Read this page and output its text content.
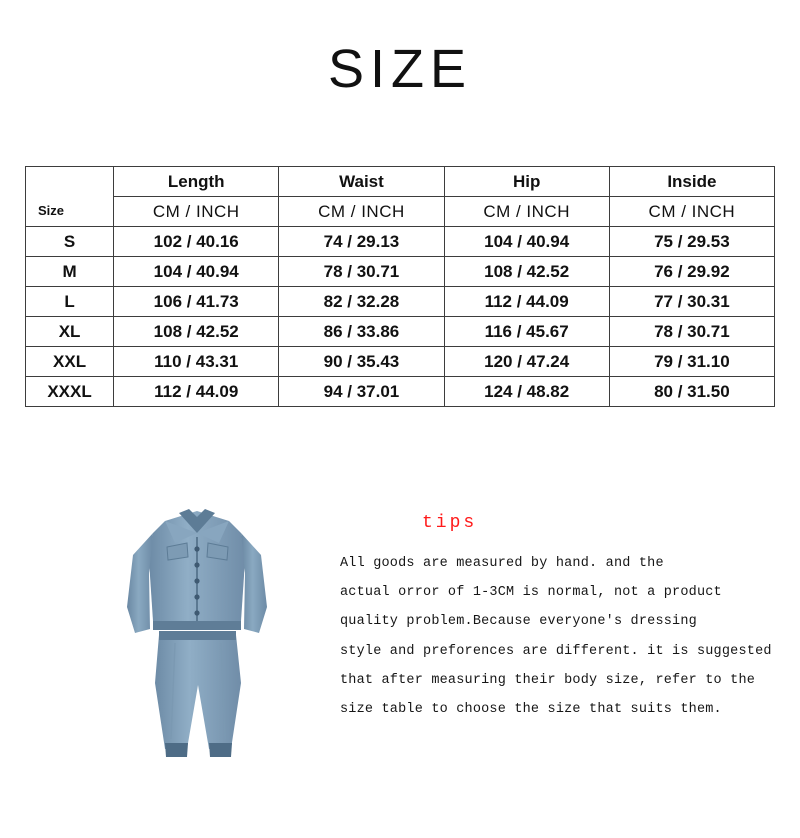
SIZE
Size	Length	Waist	Hip	Inside
	CM / INCH	CM / INCH	CM / INCH	CM / INCH
S	102 / 40.16	74 / 29.13	104 / 40.94	75 / 29.53
M	104 / 40.94	78 / 30.71	108 / 42.52	76 / 29.92
L	106 / 41.73	82 / 32.28	112 / 44.09	77 / 30.31
XL	108 / 42.52	86 / 33.86	116 / 45.67	78 / 30.71
XXL	110 / 43.31	90 / 35.43	120 / 47.24	79 / 31.10
XXXL	112 / 44.09	94 / 37.01	124 / 48.82	80 / 31.50
tips

All goods are measured by hand. and the

actual orror of 1-3CM is normal, not a product

quality problem.Because everyone's dressing

style and preforences are different. it is suggested

that after measuring their body size, refer to the

size table to choose the size that suits them.
